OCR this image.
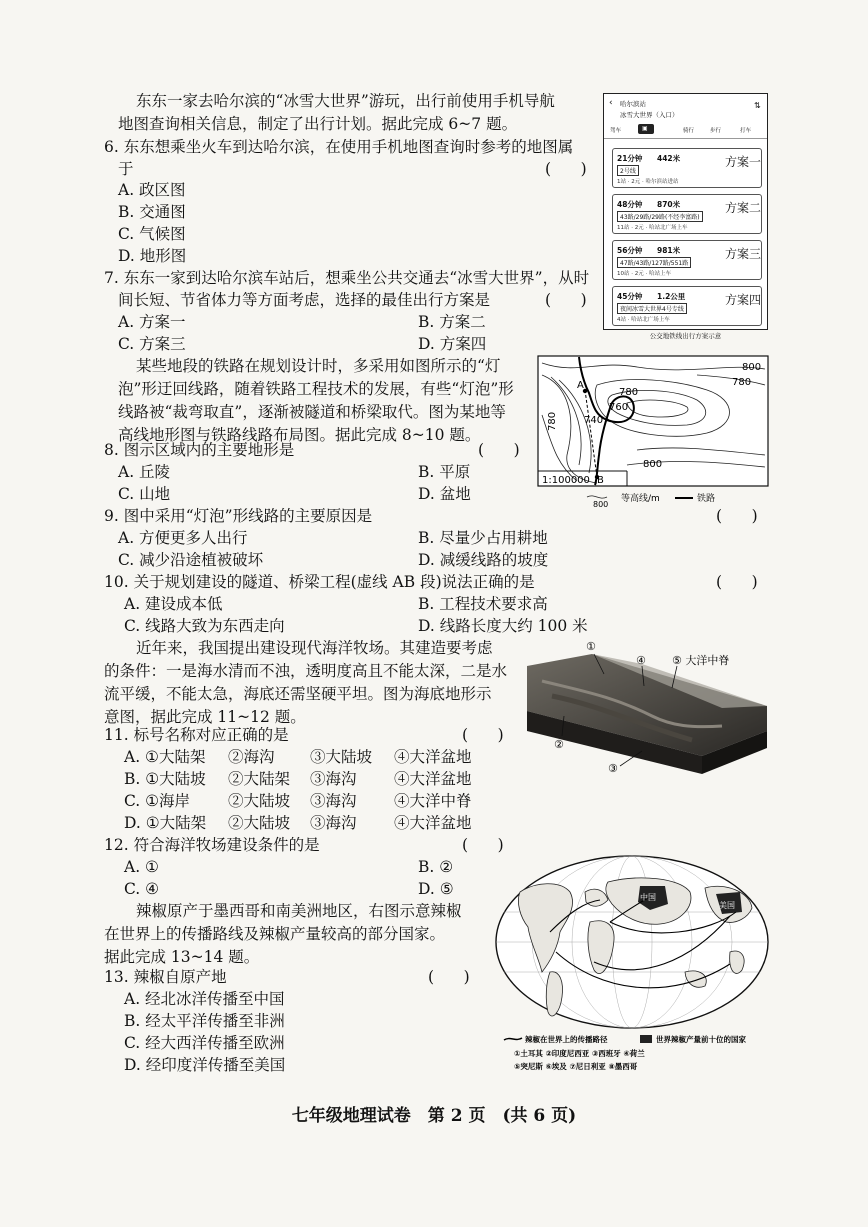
东东一家去哈尔滨的“冰雪大世界”游玩，出行前使用手机导航
地图查询相关信息，制定了出行计划。据此完成 6~7 题。
6. 东东想乘坐火车到达哈尔滨，在使用手机地图查询时参考的地图属
于	(      )
A. 政区图
B. 交通图
C. 气候图
D. 地形图
7. 东东一家到达哈尔滨车站后，想乘坐公共交通去“冰雪大世界”，从时
间长短、节省体力等方面考虑，选择的最佳出行方案是	(      )
A. 方案一	B. 方案二
C. 方案三	D. 方案四
‹ 哈尔滨站
冰雪大世界（入口）
⇅
驾车	▣	骑行	步行	打车
21分钟 442米
2号线
1站 · 2元 · 哈尔滨站进站
方案一
48分钟 870米
43路/29路/29路(不经李富路)
11站 · 2元 · 哈站北广场上车
方案二
56分钟 981米
47路/43路/127路/551路
10站 · 2元 · 哈站上车
方案三
45分钟 1.2公里
夜间冰雪大世界4号专线
4站 · 哈站北广场上车
方案四
公交地铁线出行方案示意
某些地段的铁路在规划设计时，多采用如图所示的“灯
泡”形迂回线路，随着铁路工程技术的发展，有些“灯泡”形
线路被“裁弯取直”，逐渐被隧道和桥梁取代。图为某地等
高线地形图与铁路线路布局图。据此完成 8~10 题。
800
780
780
760
740
780
800
A
B
1:100000
800
等高线/m	铁路
8. 图示区域内的主要地形是	(      )
A. 丘陵	B. 平原
C. 山地	D. 盆地
9. 图中采用“灯泡”形线路的主要原因是	(      )
A. 方便更多人出行	B. 尽量少占用耕地
C. 减少沿途植被破坏	D. 减缓线路的坡度
10. 关于规划建设的隧道、桥梁工程(虚线 AB 段)说法正确的是	(      )
A. 建设成本低	B. 工程技术要求高
C. 线路大致为东西走向	D. 线路长度大约 100 米
近年来，我国提出建设现代海洋牧场。其建造要考虑
的条件：一是海水清而不浊，透明度高且不能太深，二是水
流平缓，不能太急，海底还需坚硬平坦。图为海底地形示
意图，据此完成 11~12 题。
①
④ ⑤ 大洋中脊
②
③
11. 标号名称对应正确的是	(      )
A. ①大陆架 ②海沟 ③大陆坡 ④大洋盆地
B. ①大陆坡 ②大陆架 ③海沟 ④大洋盆地
C. ①海岸 ②大陆坡 ③海沟 ④大洋中脊
D. ①大陆架 ②大陆坡 ③海沟 ④大洋盆地
12. 符合海洋牧场建设条件的是	(      )
A. ①	B. ②
C. ④	D. ⑤
辣椒原产于墨西哥和南美洲地区，右图示意辣椒
在世界上的传播路线及辣椒产量较高的部分国家。
据此完成 13~14 题。
中国
美国
辣椒在世界上的传播路径	世界辣椒产量前十位的国家
①土耳其 ②印度尼西亚 ③西班牙 ④荷兰
⑤突尼斯 ⑥埃及 ⑦尼日利亚 ⑧墨西哥
13. 辣椒自原产地	(      )
A. 经北冰洋传播至中国
B. 经太平洋传播至非洲
C. 经大西洋传播至欧洲
D. 经印度洋传播至美国
七年级地理试卷　第 2 页　(共 6 页)
